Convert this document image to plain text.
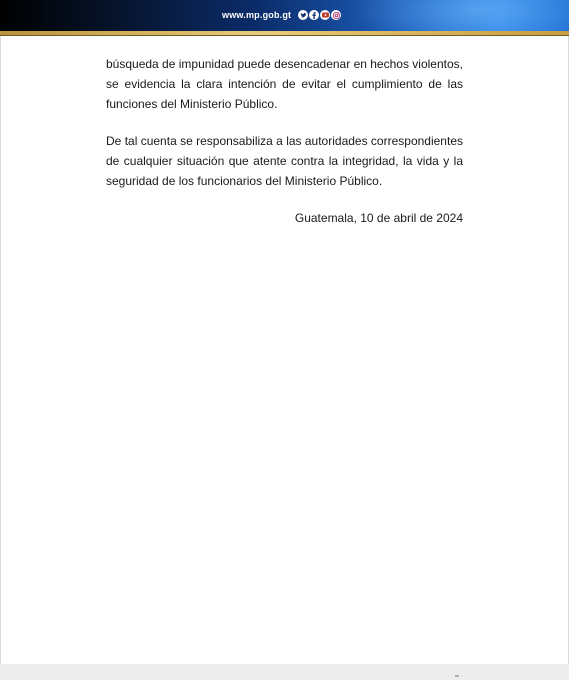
www.mp.gob.gt

búsqueda de impunidad puede desencadenar en hechos violentos, se evidencia la clara intención de evitar el cumplimiento de las funciones del Ministerio Público.

De tal cuenta se responsabiliza a las autoridades correspondientes de cualquier situación que atente contra la integridad, la vida y la seguridad de los funcionarios del Ministerio Público.

Guatemala, 10 de abril de 2024
